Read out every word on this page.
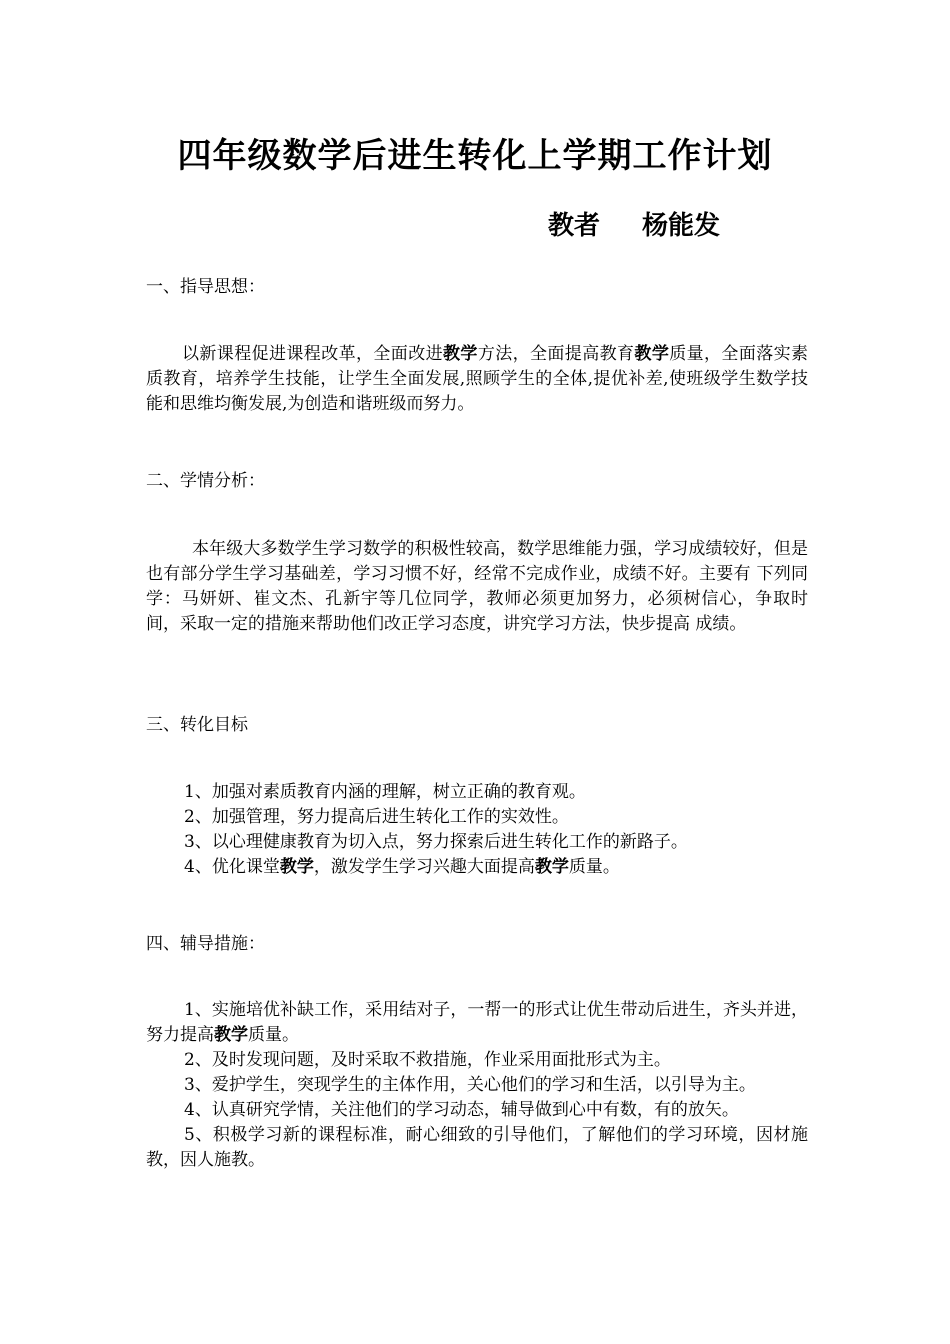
四年级数学后进生转化上学期工作计划
教者 杨能发
一、指导思想：
以新课程促进课程改革，全面改进教学方法，全面提高教育教学质量，全面落实素质教育，培养学生技能，让学生全面发展,照顾学生的全体,提优补差,使班级学生数学技能和思维均衡发展,为创造和谐班级而努力。
二、学情分析：
本年级大多数学生学习数学的积极性较高，数学思维能力强，学习成绩较好，但是也有部分学生学习基础差，学习习惯不好，经常不完成作业，成绩不好。主要有 下列同学：马妍妍、崔文杰、孔新宇等几位同学，教师必须更加努力，必须树信心，争取时间，采取一定的措施来帮助他们改正学习态度，讲究学习方法，快步提高 成绩。
三、转化目标
1、加强对素质教育内涵的理解，树立正确的教育观。
2、加强管理，努力提高后进生转化工作的实效性。
3、以心理健康教育为切入点，努力探索后进生转化工作的新路子。
4、优化课堂教学，激发学生学习兴趣大面提高教学质量。
四、辅导措施：
1、实施培优补缺工作，采用结对子，一帮一的形式让优生带动后进生，齐头并进，努力提高教学质量。
2、及时发现问题，及时采取不救措施，作业采用面批形式为主。
3、爱护学生，突现学生的主体作用，关心他们的学习和生活，以引导为主。
4、认真研究学情，关注他们的学习动态，辅导做到心中有数，有的放矢。
5、积极学习新的课程标准，耐心细致的引导他们，了解他们的学习环境，因材施教，因人施教。
